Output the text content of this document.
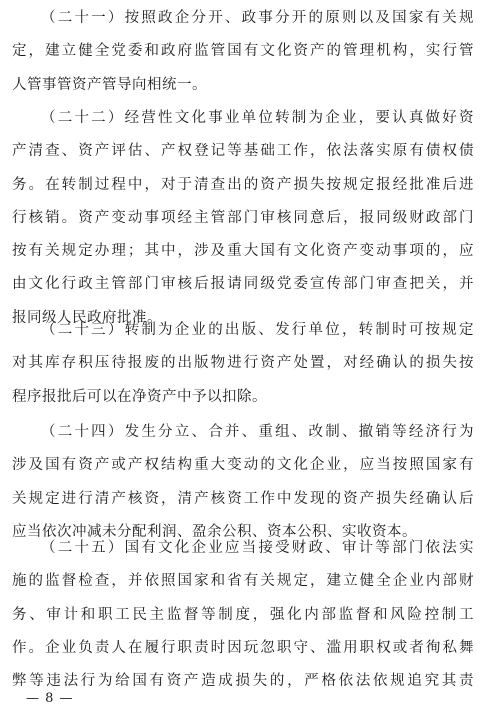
（二十一）按照政企分开、政事分开的原则以及国家有关规
定，建立健全党委和政府监管国有文化资产的管理机构，实行管
人管事管资产管导向相统一。
（二十二）经营性文化事业单位转制为企业，要认真做好资
产清查、资产评估、产权登记等基础工作，依法落实原有债权债
务。在转制过程中，对于清查出的资产损失按规定报经批准后进
行核销。资产变动事项经主管部门审核同意后，报同级财政部门
按有关规定办理；其中，涉及重大国有文化资产变动事项的，应
由文化行政主管部门审核后报请同级党委宣传部门审查把关，并
报同级人民政府批准。
（二十三）转制为企业的出版、发行单位，转制时可按规定
对其库存积压待报废的出版物进行资产处置，对经确认的损失按
程序报批后可以在净资产中予以扣除。
（二十四）发生分立、合并、重组、改制、撤销等经济行为
涉及国有资产或产权结构重大变动的文化企业，应当按照国家有
关规定进行清产核资，清产核资工作中发现的资产损失经确认后
应当依次冲减未分配利润、盈余公积、资本公积、实收资本。
（二十五）国有文化企业应当接受财政、审计等部门依法实
施的监督检查，并依照国家和省有关规定，建立健全企业内部财
务、审计和职工民主监督等制度，强化内部监督和风险控制工
作。企业负责人在履行职责时因玩忽职守、滥用职权或者徇私舞
弊等违法行为给国有资产造成损失的，严格依法依规追究其责
— 8 —
